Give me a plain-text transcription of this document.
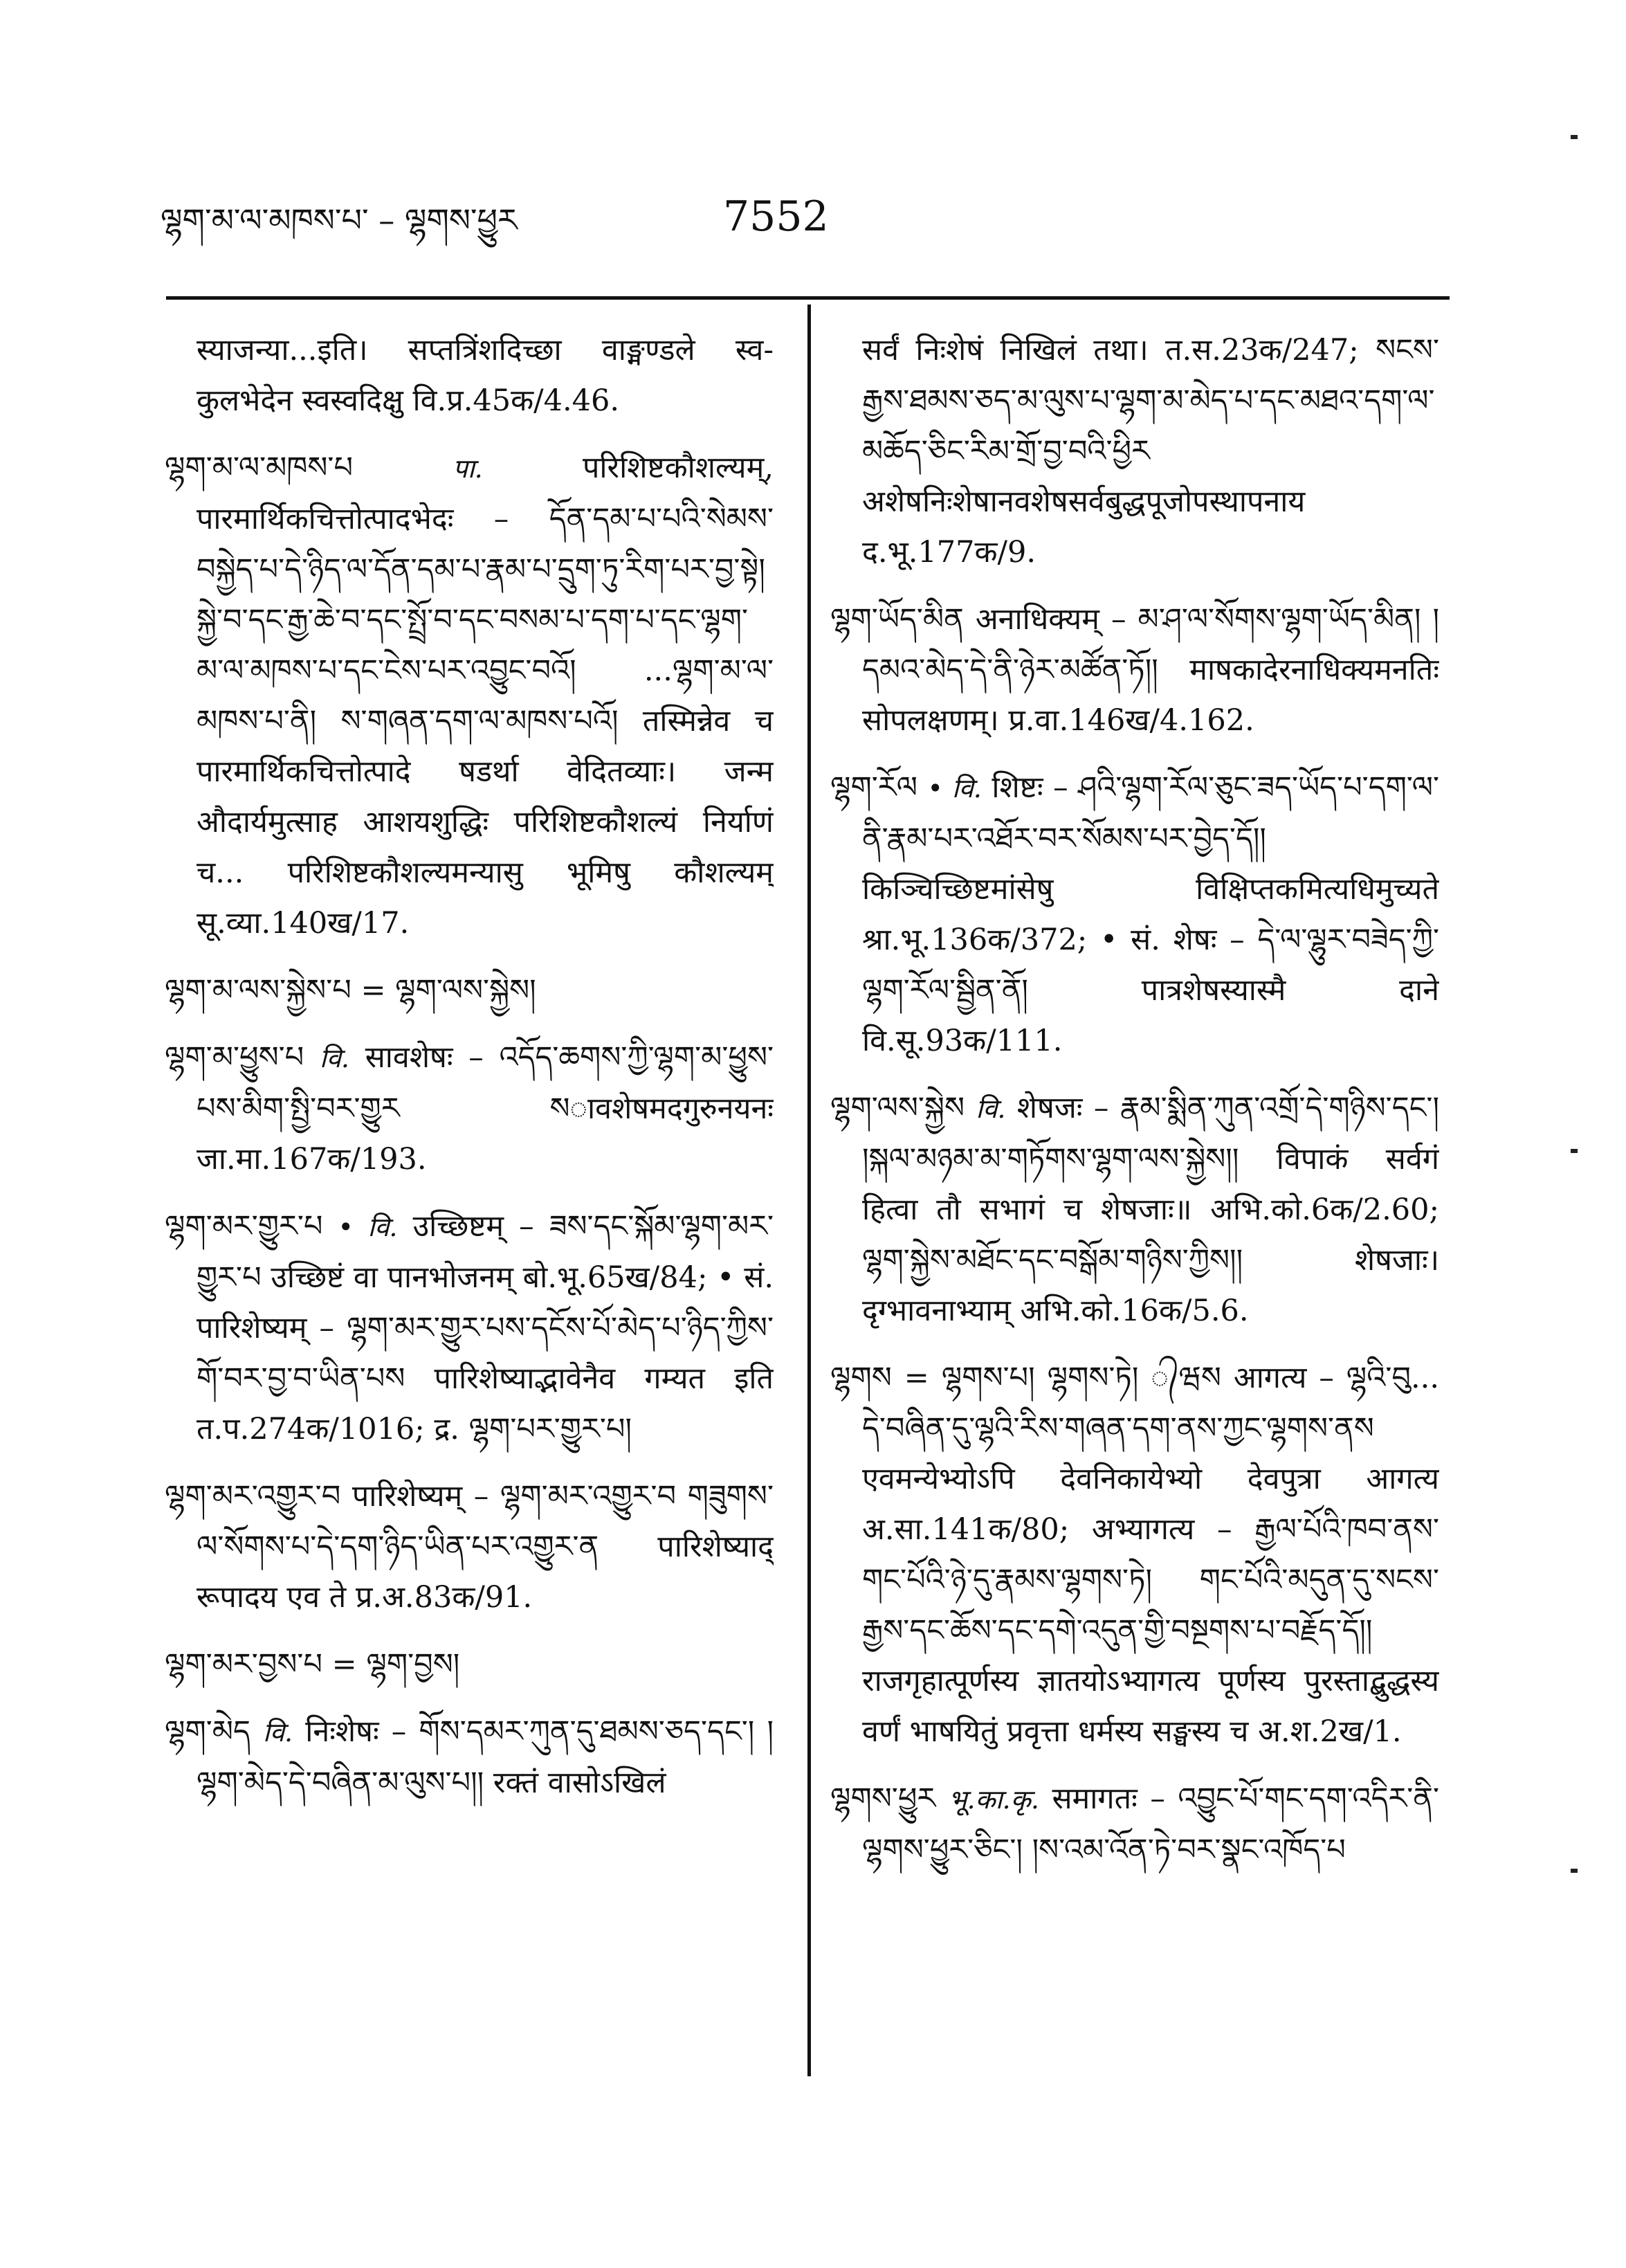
ལྷག་མ་ལ་མཁས་པ་ – ལྷགས་ཕྱུར	7552

स्याजन्या...इति। सप्तत्रिंशदिच्छा वाङ्मण्डले स्व- कुलभेदेन स्वस्वदिक्षु वि.प्र.45क/4.46.

ལྷག་མ་ལ་མཁས་པ	पा.	परिशिष्टकौशल्यम्, पारमार्थिकचित्तोत्पादभेदः – དོན་དམ་པ་པའི་སེམས་བསྐྱེད་པ་དེ་ཉིད་ལ་དོན་དམ་པ་རྣམ་པ་དྲུག་ཏུ་རིག་པར་བྱ་སྟེ། སྐྱེ་བ་དང་རྒྱ་ཆེ་བ་དང་སྤྲོ་བ་དང་བསམ་པ་དག་པ་དང་ལྷག་མ་ལ་མཁས་པ་དང་ངེས་པར་འབྱུང་བའོ། ...ལྷག་མ་ལ་མཁས་པ་ནི། ས་གཞན་དག་ལ་མཁས་པའོ། तस्मिन्नेव च पारमार्थिकचित्तोत्पादे षडर्था वेदितव्याः। जन्म औदार्यमुत्साह आशयशुद्धिः परिशिष्टकौशल्यं निर्याणं च... परिशिष्टकौशल्यमन्यासु भूमिषु कौशल्यम् सू.व्या.140ख/17.

ལྷག་མ་ལས་སྐྱེས་པ = ལྷག་ལས་སྐྱེས།

ལྷག་མ་ཕྱུས་པ वि. सावशेषः – འདོད་ཆགས་ཀྱི་ལྷག་མ་ཕྱུས་པས་མིག་སྤྱི་བར་གྱུར སावशेषमदगुरुनयनः जा.मा.167क/193.

ལྷག་མར་གྱུར་པ • वि. उच्छिष्टम् – ཟས་དང་སྐོམ་ལྷག་མར་གྱུར་པ उच्छिष्टं वा पानभोजनम् बो.भू.65ख/84; • सं. पारिशेष्यम् – ལྷག་མར་གྱུར་པས་དངོས་པོ་མེད་པ་ཉིད་ཀྱིས་གོ་བར་བྱ་བ་ཡིན་པས पारिशेष्याद्भावेनैव गम्यत इति त.प.274क/1016; द्र. ལྷག་པར་གྱུར་པ།

ལྷག་མར་འགྱུར་བ पारिशेष्यम् – ལྷག་མར་འགྱུར་བ གཟུགས་ལ་སོགས་པ་དེ་དག་ཉིད་ཡིན་པར་འགྱུར་ན पारिशेष्याद् रूपादय एव ते प्र.अ.83क/91.

ལྷག་མར་བྱས་པ = ལྷག་བྱས།

ལྷག་མེད वि. निःशेषः – གོས་དམར་ཀུན་དུ་ཐམས་ཅད་དང་། །ལྷག་མེད་དེ་བཞིན་མ་ལུས་པ།། रक्तं वासोऽखिलं

सर्वं निःशेषं निखिलं तथा। त.स.23क/247; སངས་རྒྱས་ཐམས་ཅད་མ་ལུས་པ་ལྷག་མ་མེད་པ་དང་མཐའ་དག་ལ་མཆོད་ཅིང་རིམ་གྲོ་བྱ་བའི་ཕྱིར अशेषनिःशेषानवशेषसर्वबुद्धपूजोपस्थापनाय द.भू.177क/9.

ལྷག་ཡོད་མིན अनाधिक्यम् – མ་ཤ་ལ་སོགས་ལྷག་ཡོད་མིན། །དམའ་མེད་དེ་ནི་ཉེར་མཚོན་ཏོ།། माषकादेरनाधिक्यमनतिः सोपलक्षणम्। प्र.वा.146ख/4.162.

ལྷག་རོལ • वि. शिष्टः – ཤའི་ལྷག་རོལ་ཅུང་ཟད་ཡོད་པ་དག་ལ་ནི་རྣམ་པར་འཐོར་བར་སོམས་པར་བྱེད་དོ།། किञ्चिच्छिष्टमांसेषु विक्षिप्तकमित्यधिमुच्यते श्रा.भू.136क/372; • सं. शेषः – དེ་ལ་ལྷུར་བཟེད་ཀྱི་ལྷག་རོལ་སྦྱིན་ནོ། पात्रशेषस्यास्मै दाने वि.सू.93क/111.

ལྷག་ལས་སྐྱེས वि. शेषजः – རྣམ་སྨིན་ཀུན་འགྲོ་དེ་གཉིས་དང་། །སྐལ་མཉམ་མ་གཏོགས་ལྷག་ལས་སྐྱེས།། विपाकं सर्वगं हित्वा तौ सभागं च शेषजाः॥ अभि.को.6क/2.60; ལྷག་སྐྱེས་མཐོང་དང་བསྒོམ་གཉིས་ཀྱིས།། शेषजाः। दृग्भावनाभ्याम् अभि.को.16क/5.6.

ལྷགས = ལྷགས་པ། ལྷགས་ཏེ། ᭄ཝས आगत्य – ལྷའི་བུ... དེ་བཞིན་དུ་ལྷའི་རིས་གཞན་དག་ནས་ཀྱང་ལྷགས་ནས एवमन्येभ्योऽपि देवनिकायेभ्यो देवपुत्रा आगत्य अ.सा.141क/80; अभ्यागत्य – རྒྱལ་པོའི་ཁབ་ནས་གང་པོའི་ཉེ་དུ་རྣམས་ལྷགས་ཏེ། གང་པོའི་མདུན་དུ་སངས་རྒྱས་དང་ཆོས་དང་དགེ་འདུན་གྱི་བསྔགས་པ་བརྗོད་དོ།། राजगृहात्पूर्णस्य ज्ञातयोऽभ्यागत्य पूर्णस्य पुरस्ताद्बुद्धस्य वर्णं भाषयितुं प्रवृत्ता धर्मस्य सङ्घस्य च अ.श.2ख/1.

ལྷགས་ཕྱུར भू.का.कृ. समागतः – འབྱུང་པོ་གང་དག་འདིར་ནི་ལྷགས་ཕྱུར་ཅིང་། །ས་འམ་འོན་ཏེ་བར་སྣང་འཁོད་པ
